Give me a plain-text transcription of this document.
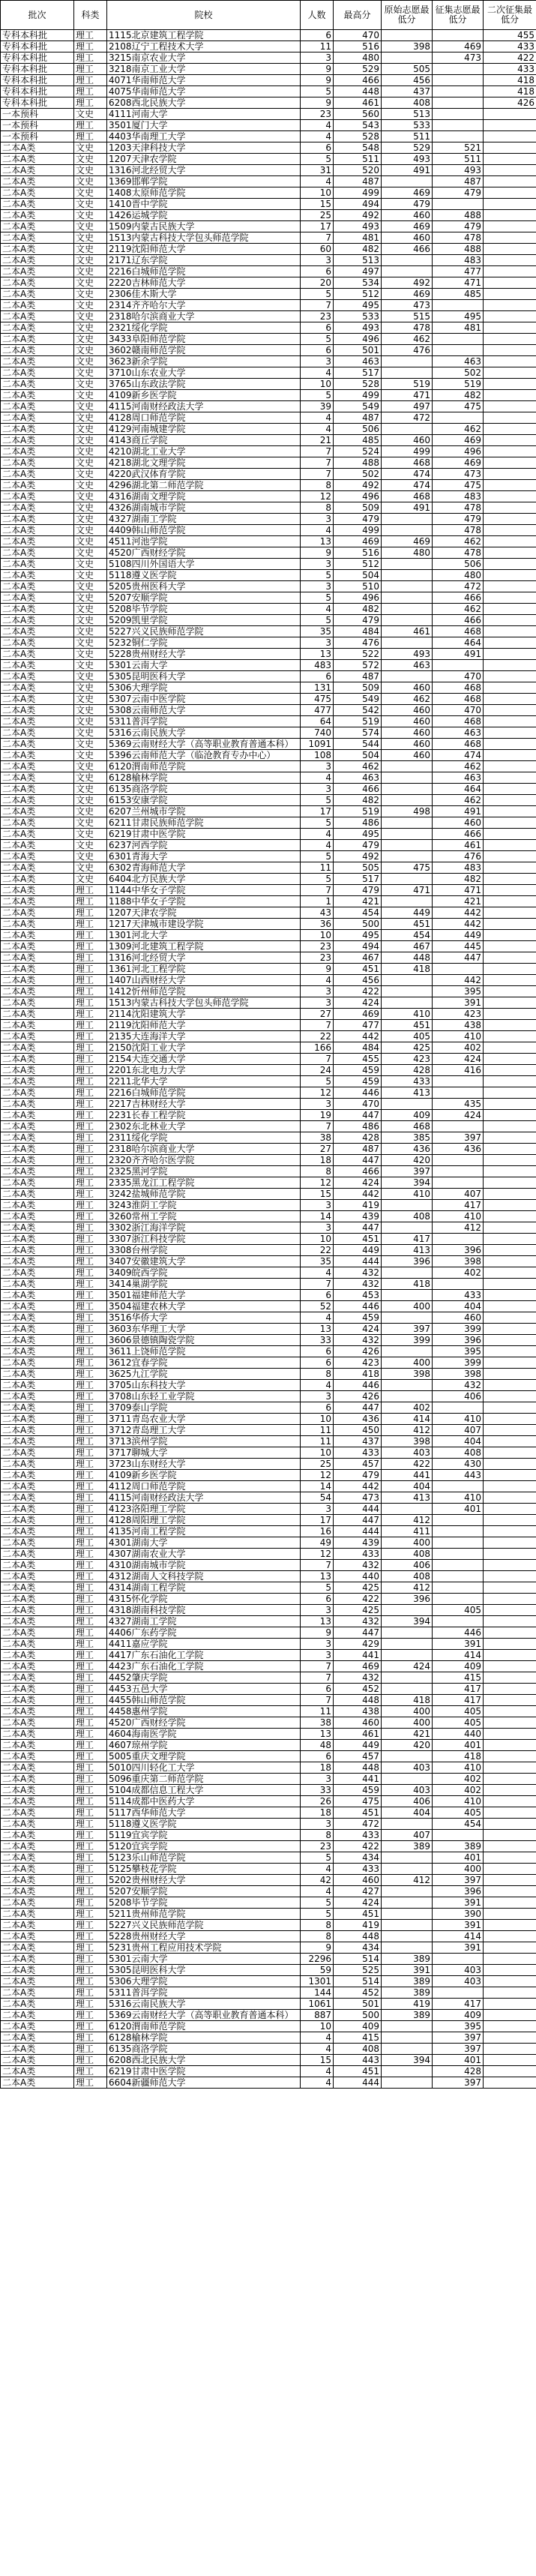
批次	科类	院校	人数	最高分	原始志愿最低分	征集志愿最低分	二次征集最低分
专科本科批	理工	1115北京建筑工程学院	6	470			455
专科本科批	理工	2108辽宁工程技术大学	11	516	398	469	433
专科本科批	理工	3215南京农业大学	3	480		473	422
专科本科批	理工	3218南京工业大学	9	529	505		433
专科本科批	理工	4071华南师范大学	9	466	456		418
专科本科批	理工	4075华南师范大学	5	448	437		418
专科本科批	理工	6208西北民族大学	9	461	408		426
一本预科	文史	4111河南大学	23	560	513		
一本预科	理工	3501厦门大学	4	543	533		
一本预科	理工	4403华南理工大学	4	528	511		
二本A类	文史	1203天津科技大学	6	548	529	521	
二本A类	文史	1207天津农学院	5	511	493	511	
二本A类	文史	1316河北经贸大学	31	520	491	493	
二本A类	文史	1369邯郸学院	4	487		487	
二本A类	文史	1408太原师范学院	10	499	469	479	
二本A类	文史	1410晋中学院	15	494	479		
二本A类	文史	1426运城学院	25	492	460	488	
二本A类	文史	1509内蒙古民族大学	17	493	469	479	
二本A类	文史	1513内蒙古科技大学包头师范学院	7	481	460	478	
二本A类	文史	2119沈阳师范大学	60	482	466	488	
二本A类	文史	2171辽东学院	3	513		483	
二本A类	文史	2216白城师范学院	6	497		477	
二本A类	文史	2220吉林师范大学	20	534	492	471	
二本A类	文史	2306佳木斯大学	5	512	469	485	
二本A类	文史	2314齐齐哈尔大学	7	495	473		
二本A类	文史	2318哈尔滨商业大学	23	533	515	495	
二本A类	文史	2321绥化学院	6	493	478	481	
二本A类	文史	3433阜阳师范学院	5	496	462		
二本A类	文史	3602赣南师范学院	6	501	476		
二本A类	文史	3623新余学院	3	463		463	
二本A类	文史	3710山东农业大学	4	517		502	
二本A类	文史	3765山东政法学院	10	528	519	519	
二本A类	文史	4109新乡医学院	5	499	471	482	
二本A类	文史	4115河南财经政法大学	39	549	497	475	
二本A类	文史	4128周口师范学院	4	487	472		
二本A类	文史	4129河南城建学院	4	506		462	
二本A类	文史	4143商丘学院	21	485	460	469	
二本A类	文史	4210湖北工业大学	7	524	499	496	
二本A类	文史	4218湖北文理学院	7	488	468	469	
二本A类	文史	4220武汉体育学院	7	502	474	473	
二本A类	文史	4296湖北第二师范学院	8	492	474	475	
二本A类	文史	4316湖南文理学院	12	496	468	483	
二本A类	文史	4326湖南城市学院	8	509	491	478	
二本A类	文史	4327湖南工学院	3	479		479	
二本A类	文史	4409韩山师范学院	4	499		478	
二本A类	文史	4511河池学院	13	469	469	462	
二本A类	文史	4520广西财经学院	9	516	480	478	
二本A类	文史	5108四川外国语大学	3	512		506	
二本A类	文史	5118遵义医学院	5	504		480	
二本A类	文史	5205贵州医科大学	3	510		472	
二本A类	文史	5207安顺学院	5	496		466	
二本A类	文史	5208毕节学院	4	482		462	
二本A类	文史	5209凯里学院	5	479		466	
二本A类	文史	5227兴义民族师范学院	35	484	461	468	
二本A类	文史	5232铜仁学院	3	476		464	
二本A类	文史	5228贵州财经大学	13	522	493	491	
二本A类	文史	5301云南大学	483	572	463		
二本A类	文史	5305昆明医科大学	6	487		470	
二本A类	文史	5306大理学院	131	509	460	468	
二本A类	文史	5307云南中医学院	475	549	462	468	
二本A类	文史	5308云南师范大学	477	542	460	470	
二本A类	文史	5311普洱学院	64	519	460	468	
二本A类	文史	5316云南民族大学	740	574	460	463	
二本A类	文史	5369云南财经大学（高等职业教育普通本科）	1091	544	460	468	
二本A类	文史	5396云南师范大学（临沧教育专办中心）	108	504	460	474	
二本A类	文史	6120渭南师范学院	3	462		462	
二本A类	文史	6128榆林学院	4	463		463	
二本A类	文史	6135商洛学院	3	466		464	
二本A类	文史	6153安康学院	5	482		462	
二本A类	文史	6207兰州城市学院	17	519	498	491	
二本A类	文史	6211甘肃民族师范学院	5	486		460	
二本A类	文史	6219甘肃中医学院	4	495		466	
二本A类	文史	6237河西学院	4	479		461	
二本A类	文史	6301青海大学	5	492		476	
二本A类	文史	6302青海师范大学	11	505	475	483	
二本A类	文史	6404北方民族大学	5	517		482	
二本A类	理工	1144中华女子学院	7	479	471	471	
二本A类	理工	1188中华女子学院	1	421		421	
二本A类	理工	1207天津农学院	43	454	449	442	
二本A类	理工	1217天津城市建设学院	36	500	451	442	
二本A类	理工	1301河北大学	10	495	454	449	
二本A类	理工	1309河北建筑工程学院	23	494	467	445	
二本A类	理工	1316河北经贸大学	23	467	448	447	
二本A类	理工	1361河北工程学院	9	451	418		
二本A类	理工	1407山西财经大学	4	456		442	
二本A类	理工	1412忻州师范学院	3	422		395	
二本A类	理工	1513内蒙古科技大学包头师范学院	3	424		391	
二本A类	理工	2114沈阳建筑大学	27	469	410	423	
二本A类	理工	2119沈阳师范大学	7	477	451	438	
二本A类	理工	2135大连海洋大学	22	442	405	410	
二本A类	理工	2150沈阳工业大学	166	484	425	402	
二本A类	理工	2154大连交通大学	7	455	423	424	
二本A类	理工	2201东北电力大学	24	459	428	416	
二本A类	理工	2211北华大学	5	459	433		
二本A类	理工	2216白城师范学院	12	446	413		
二本A类	理工	2217吉林财经大学	3	470		435	
二本A类	理工	2231长春工程学院	19	447	409	424	
二本A类	理工	2302东北林业大学	7	486	468		
二本A类	理工	2311绥化学院	38	428	385	397	
二本A类	理工	2318哈尔滨商业大学	27	487	436	436	
二本A类	理工	2320齐齐哈尔医学院	18	447	420		
二本A类	理工	2325黑河学院	8	466	397		
二本A类	理工	2335黑龙江工程学院	12	424	394		
二本A类	理工	3242盐城师范学院	15	442	410	407	
二本A类	理工	3243淮阴工学院	3	419		417	
二本A类	理工	3260常州工学院	14	439	408	410	
二本A类	理工	3302浙江海洋学院	3	447		412	
二本A类	理工	3307浙江科技学院	10	451	417		
二本A类	理工	3308台州学院	22	449	413	396	
二本A类	理工	3407安徽建筑大学	35	444	396	398	
二本A类	理工	3409皖西学院	4	432		402	
二本A类	理工	3414巢湖学院	7	432	418		
二本A类	理工	3501福建师范大学	6	453		433	
二本A类	理工	3504福建农林大学	52	446	400	404	
二本A类	理工	3516华侨大学	4	459		460	
二本A类	理工	3603东华理工大学	13	424	397	399	
二本A类	理工	3606景德镇陶瓷学院	33	432	399	396	
二本A类	理工	3611上饶师范学院	6	426		395	
二本A类	理工	3612宜春学院	6	423	400	399	
二本A类	理工	3625九江学院	8	418	398	398	
二本A类	理工	3705山东科技大学	4	446		432	
二本A类	理工	3708山东轻工业学院	3	426		406	
二本A类	理工	3709泰山学院	6	447	402		
二本A类	理工	3711青岛农业大学	10	436	414	410	
二本A类	理工	3712青岛理工大学	11	450	412	407	
二本A类	理工	3713滨州学院	11	437	398	404	
二本A类	理工	3717聊城大学	10	433	403	408	
二本A类	理工	3723山东财经大学	25	457	422	430	
二本A类	理工	4109新乡医学院	12	479	441	443	
二本A类	理工	4112周口师范学院	14	442	404		
二本A类	理工	4115河南财经政法大学	54	473	413	410	
二本A类	理工	4123洛阳理工学院	3	444		401	
二本A类	理工	4128周阳理工学院	17	447	412		
二本A类	理工	4135河南工程学院	16	444	411		
二本A类	理工	4301湖南大学	49	439	400		
二本A类	理工	4307湖南农业大学	12	433	408		
二本A类	理工	4310湖南城市学院	7	432	406		
二本A类	理工	4312湖南人文科技学院	13	440	408		
二本A类	理工	4314湖南工程学院	5	425	412		
二本A类	理工	4315怀化学院	6	422	396		
二本A类	理工	4318湖南科技学院	3	425		405	
二本A类	理工	4327湖南工学院	13	432	394		
二本A类	理工	4406广东药学院	9	447		446	
二本A类	理工	4411嘉应学院	3	429		391	
二本A类	理工	4417广东石油化工学院	3	441		414	
二本A类	理工	4423广东石油化工学院	7	469	424	409	
二本A类	理工	4452肇庆学院	7	432		415	
二本A类	理工	4453五邑大学	6	452		417	
二本A类	理工	4455韩山师范学院	7	448	418	417	
二本A类	理工	4458惠州学院	11	438	400	405	
二本A类	理工	4520广西财经学院	38	460	400	405	
二本A类	理工	4604海南医学院	13	461	421	440	
二本A类	理工	4607琼州学院	48	449	420	401	
二本A类	理工	5005重庆文理学院	6	457		418	
二本A类	理工	5010四川轻化工大学	18	448	403	410	
二本A类	理工	5096重庆第二师范学院	3	441		402	
二本A类	理工	5104成都信息工程大学	33	459	403	402	
二本A类	理工	5114成都中医药大学	26	475	406	410	
二本A类	理工	5117西华师范大学	18	451	404	405	
二本A类	理工	5118遵义医学院	3	472		454	
二本A类	理工	5119宜宾学院	8	433	407		
二本A类	理工	5120宜宾学院	23	422	389	389	
二本A类	理工	5123乐山师范学院	5	434		401	
二本A类	理工	5125攀枝花学院	4	433		400	
二本A类	理工	5202贵州财经大学	42	460	412	397	
二本A类	理工	5207安顺学院	4	427		396	
二本A类	理工	5208毕节学院	5	424		391	
二本A类	理工	5211贵州师范学院	5	451		390	
二本A类	理工	5227兴义民族师范学院	8	419		391	
二本A类	理工	5228贵州财经大学	8	448		414	
二本A类	理工	5231贵州工程应用技术学院	9	434		391	
二本A类	理工	5301云南大学	2296	514	389		
二本A类	理工	5305昆明医科大学	59	525	391	403	
二本A类	理工	5306大理学院	1301	514	389	403	
二本A类	理工	5311普洱学院	144	452	389		
二本A类	理工	5316云南民族大学	1061	501	419	417	
二本A类	理工	5369云南财经大学（高等职业教育普通本科）	887	500	389	409	
二本A类	理工	6120渭南师范学院	10	409		395	
二本A类	理工	6128榆林学院	4	415		397	
二本A类	理工	6135商洛学院	4	408		397	
二本A类	理工	6208西北民族大学	15	443	394	401	
二本A类	理工	6219甘肃中医学院	4	451		428	
二本A类	理工	6604新疆师范大学	4	444		397	
